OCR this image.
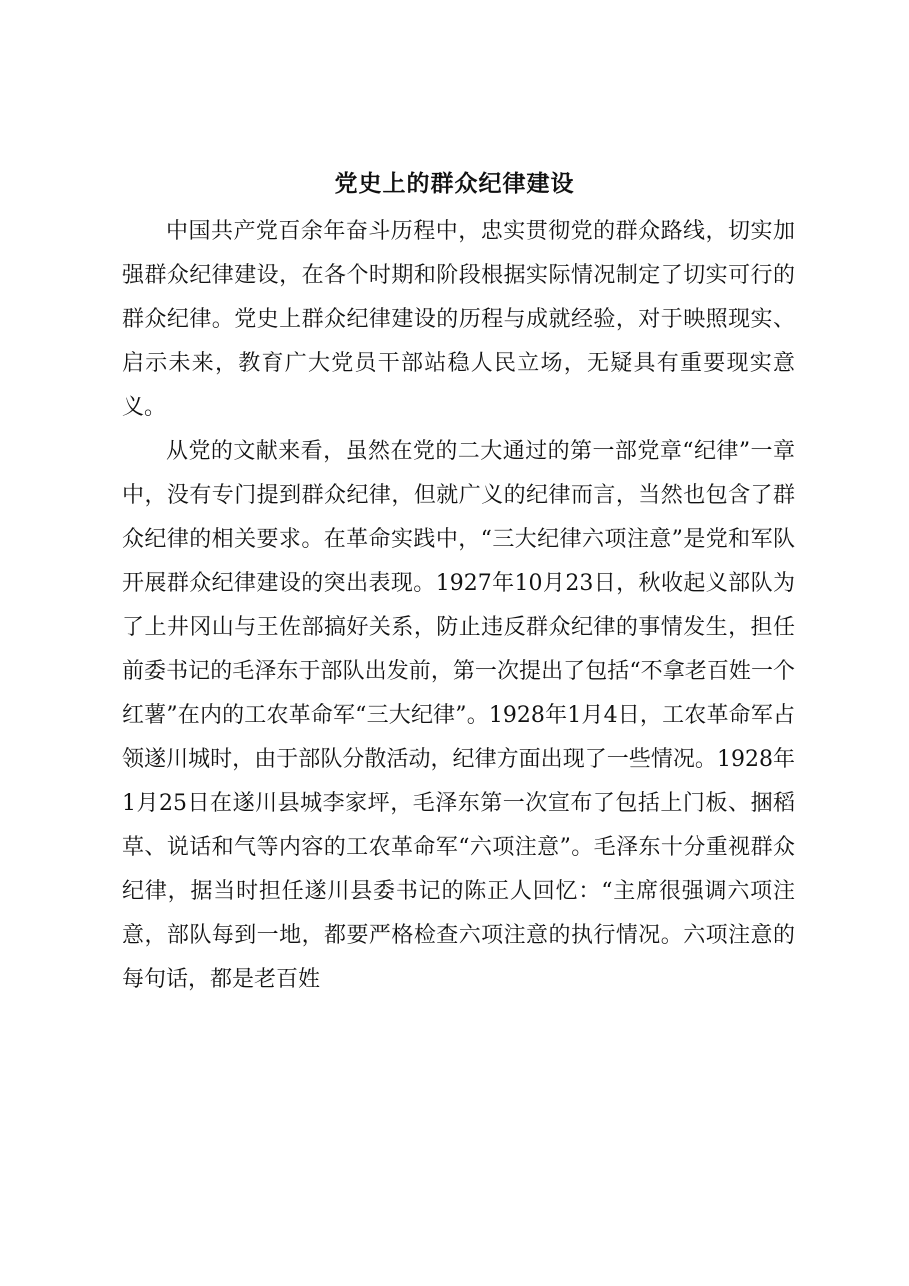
党史上的群众纪律建设

中国共产党百余年奋斗历程中，忠实贯彻党的群众路线，切实加强群众纪律建设，在各个时期和阶段根据实际情况制定了切实可行的群众纪律。党史上群众纪律建设的历程与成就经验，对于映照现实、启示未来，教育广大党员干部站稳人民立场，无疑具有重要现实意义。

从党的文献来看，虽然在党的二大通过的第一部党章“纪律”一章中，没有专门提到群众纪律，但就广义的纪律而言，当然也包含了群众纪律的相关要求。在革命实践中，“三大纪律六项注意”是党和军队开展群众纪律建设的突出表现。1927年10月23日，秋收起义部队为了上井冈山与王佐部搞好关系，防止违反群众纪律的事情发生，担任前委书记的毛泽东于部队出发前，第一次提出了包括“不拿老百姓一个红薯”在内的工农革命军“三大纪律”。1928年1月4日，工农革命军占领遂川城时，由于部队分散活动，纪律方面出现了一些情况。1928年1月25日在遂川县城李家坪，毛泽东第一次宣布了包括上门板、捆稻草、说话和气等内容的工农革命军“六项注意”。毛泽东十分重视群众纪律，据当时担任遂川县委书记的陈正人回忆：“主席很强调六项注意，部队每到一地，都要严格检查六项注意的执行情况。六项注意的每句话，都是老百姓
